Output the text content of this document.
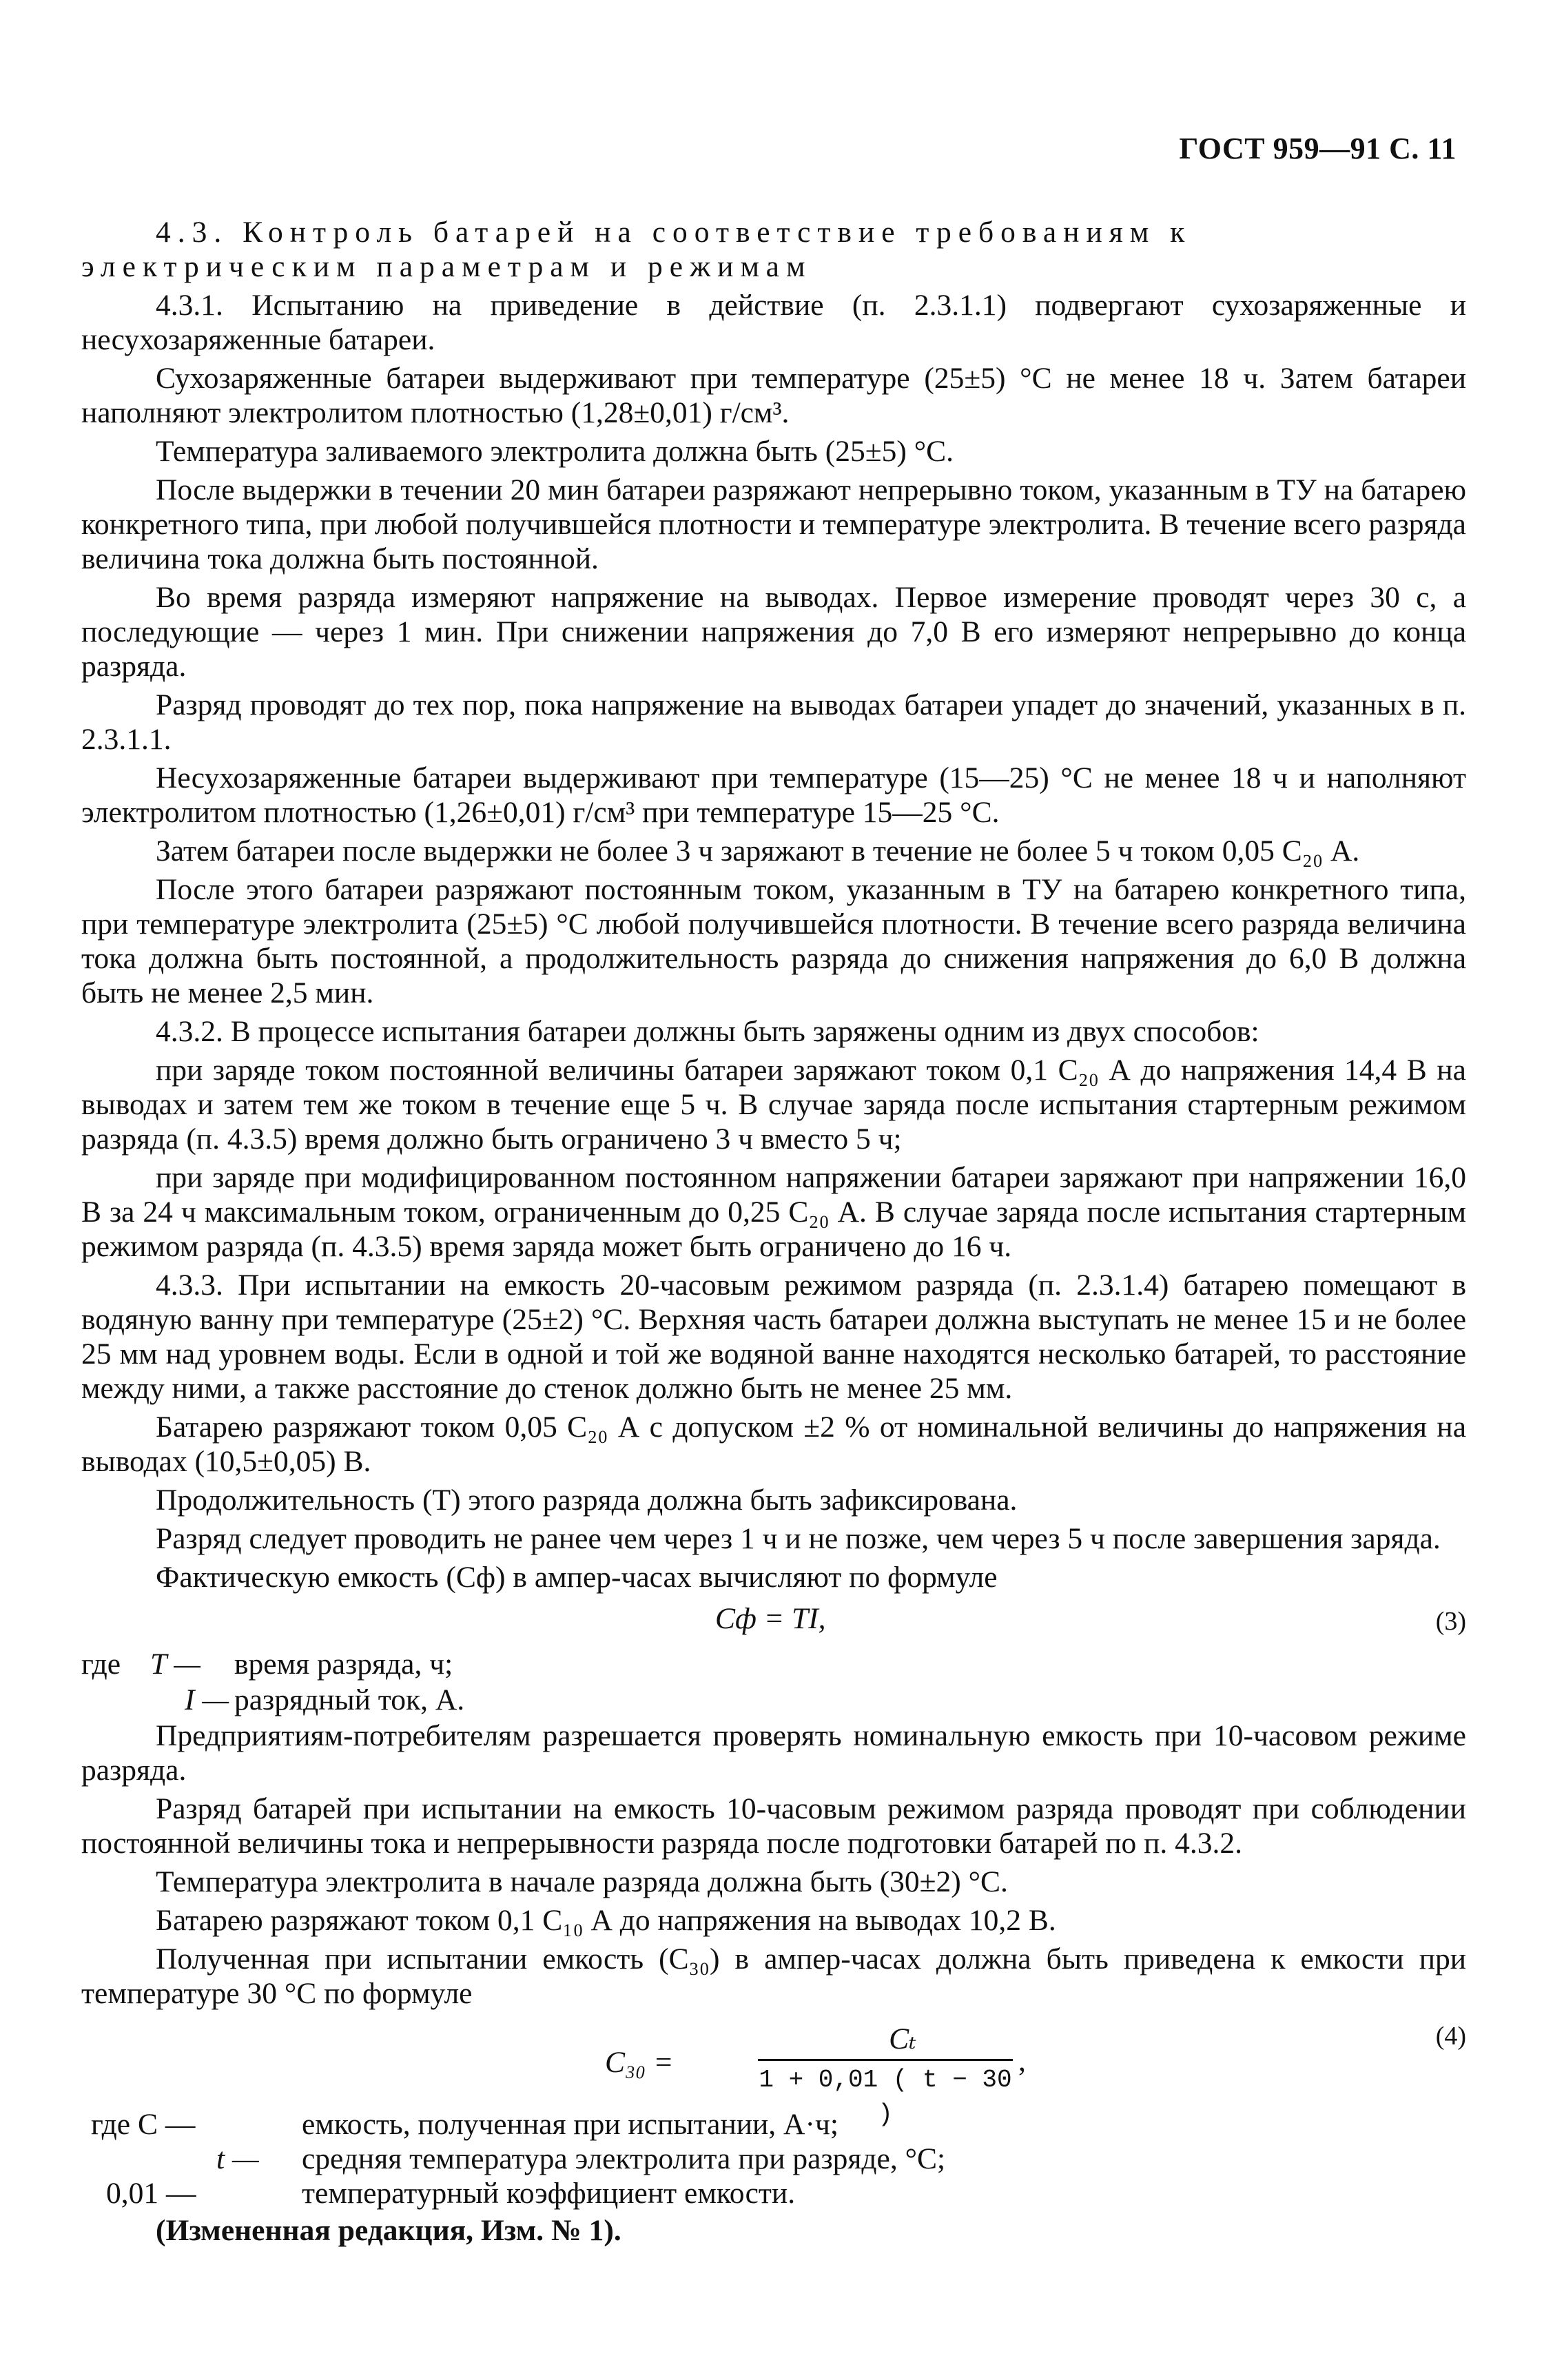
ГОСТ 959—91 С. 11
4.3. Контроль батарей на соответствие требованиям к электрическим параметрам и режимам

4.3.1. Испытанию на приведение в действие (п. 2.3.1.1) подвергают сухозаряженные и несухозаряженные батареи.

Сухозаряженные батареи выдерживают при температуре (25±5) °С не менее 18 ч. Затем батареи наполняют электролитом плотностью (1,28±0,01) г/см³.

Температура заливаемого электролита должна быть (25±5) °С.

После выдержки в течении 20 мин батареи разряжают непрерывно током, указанным в ТУ на батарею конкретного типа, при любой получившейся плотности и температуре электролита. В течение всего разряда величина тока должна быть постоянной.

Во время разряда измеряют напряжение на выводах. Первое измерение проводят через 30 с, а последующие — через 1 мин. При снижении напряжения до 7,0 В его измеряют непрерывно до конца разряда.

Разряд проводят до тех пор, пока напряжение на выводах батареи упадет до значений, указанных в п. 2.3.1.1.

Несухозаряженные батареи выдерживают при температуре (15—25) °С не менее 18 ч и наполняют электролитом плотностью (1,26±0,01) г/см³ при температуре 15—25 °С.

Затем батареи после выдержки не более 3 ч заряжают в течение не более 5 ч током 0,05 C₂₀ А.

После этого батареи разряжают постоянным током, указанным в ТУ на батарею конкретного типа, при температуре электролита (25±5) °С любой получившейся плотности. В течение всего разряда величина тока должна быть постоянной, а продолжительность разряда до снижения напряжения до 6,0 В должна быть не менее 2,5 мин.

4.3.2. В процессе испытания батареи должны быть заряжены одним из двух способов:

при заряде током постоянной величины батареи заряжают током 0,1 C₂₀ А до напряжения 14,4 В на выводах и затем тем же током в течение еще 5 ч. В случае заряда после испытания стартерным режимом разряда (п. 4.3.5) время должно быть ограничено 3 ч вместо 5 ч;

при заряде при модифицированном постоянном напряжении батареи заряжают при напряжении 16,0 В за 24 ч максимальным током, ограниченным до 0,25 C₂₀ А. В случае заряда после испытания стартерным режимом разряда (п. 4.3.5) время заряда может быть ограничено до 16 ч.

4.3.3. При испытании на емкость 20-часовым режимом разряда (п. 2.3.1.4) батарею помещают в водяную ванну при температуре (25±2) °С. Верхняя часть батареи должна выступать не менее 15 и не более 25 мм над уровнем воды. Если в одной и той же водяной ванне находятся несколько батарей, то расстояние между ними, а также расстояние до стенок должно быть не менее 25 мм.

Батарею разряжают током 0,05 C₂₀ А с допуском ±2 % от номинальной величины до напряжения на выводах (10,5±0,05) В.

Продолжительность (T) этого разряда должна быть зафиксирована.

Разряд следует проводить не ранее чем через 1 ч и не позже, чем через 5 ч после завершения заряда.

Фактическую емкость (Cф) в ампер-часах вычисляют по формуле

Cф = TI,	(3)
где T — время разряда, ч;
I — разрядный ток, А.

Предприятиям-потребителям разрешается проверять номинальную емкость при 10-часовом режиме разряда.

Разряд батарей при испытании на емкость 10-часовым режимом разряда проводят при соблюдении постоянной величины тока и непрерывности разряда после подготовки батарей по п. 4.3.2.

Температура электролита в начале разряда должна быть (30±2) °С.

Батарею разряжают током 0,1 C₁₀ А до напряжения на выводах 10,2 В.

Полученная при испытании емкость (C₃₀) в ампер-часах должна быть приведена к емкости при температуре 30 °С по формуле

C₃₀ =
Cₜ
1 + 0,01 ( t − 30 )
,
(4)
где C —	емкость, полученная при испытании, А·ч;
t — средняя температура электролита при разряде, °С;
0,01 —	температурный коэффициент емкости.

(Измененная редакция, Изм. № 1).
